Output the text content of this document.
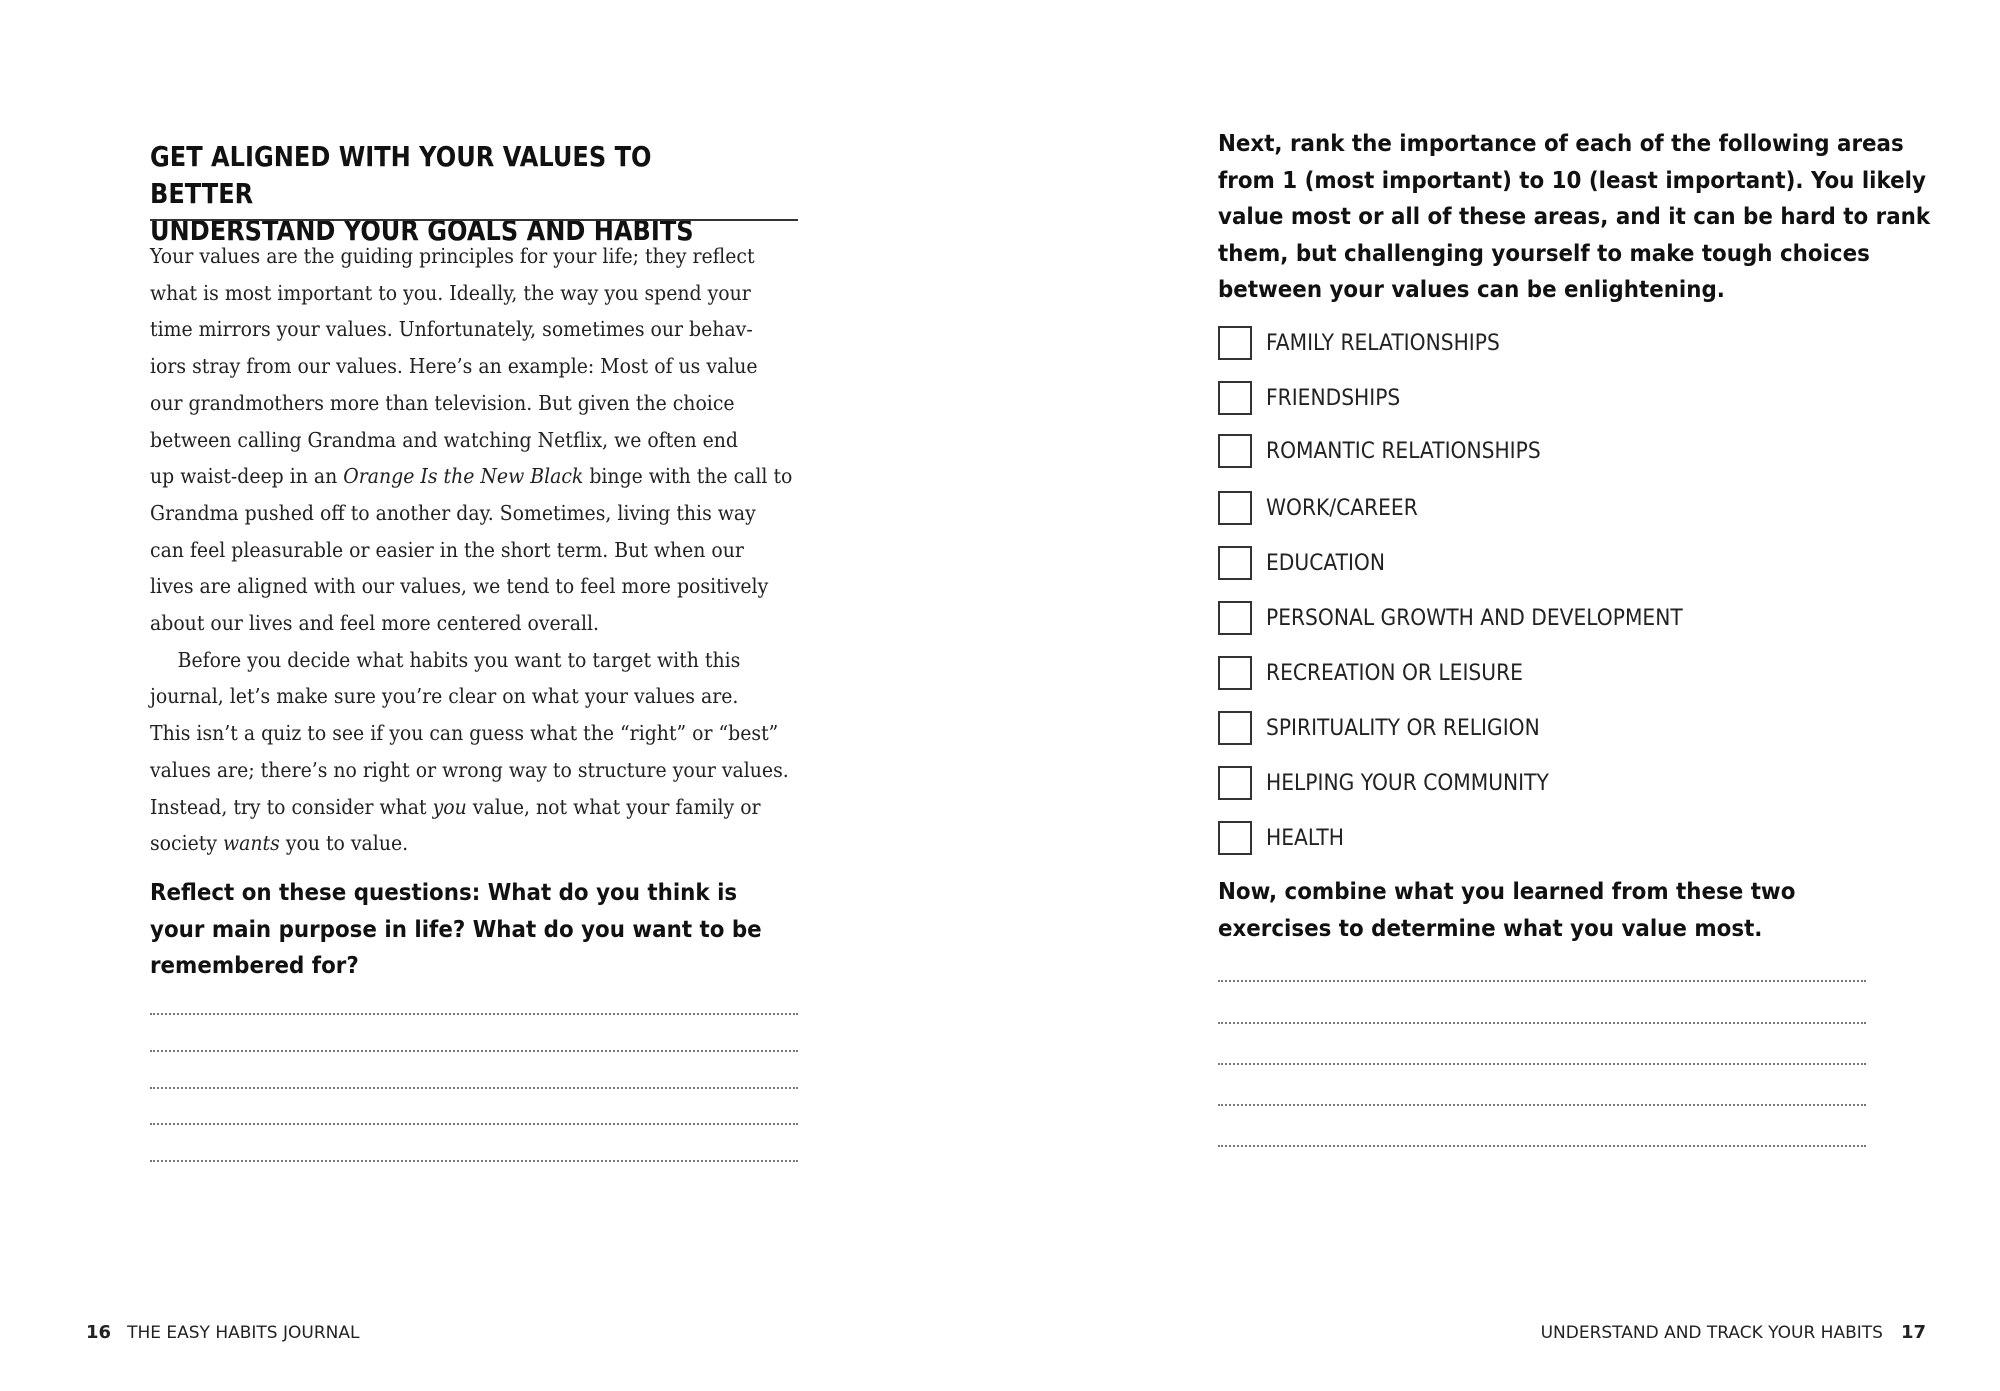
GET ALIGNED WITH YOUR VALUES TO BETTER
UNDERSTAND YOUR GOALS AND HABITS
Your values are the guiding principles for your life; they reflect
what is most important to you. Ideally, the way you spend your
time mirrors your values. Unfortunately, sometimes our behav-
iors stray from our values. Here’s an example: Most of us value
our grandmothers more than television. But given the choice
between calling Grandma and watching Netflix, we often end
up waist-deep in an Orange Is the New Black binge with the call to
Grandma pushed off to another day. Sometimes, living this way
can feel pleasurable or easier in the short term. But when our
lives are aligned with our values, we tend to feel more positively
about our lives and feel more centered overall.
Before you decide what habits you want to target with this
journal, let’s make sure you’re clear on what your values are.
This isn’t a quiz to see if you can guess what the “right” or “best”
values are; there’s no right or wrong way to structure your values.
Instead, try to consider what you value, not what your family or
society wants you to value.
Reflect on these questions: What do you think is
your main purpose in life? What do you want to be
remembered for?
16 THE EASY HABITS JOURNAL
Next, rank the importance of each of the following areas
from 1 (most important) to 10 (least important). You likely
value most or all of these areas, and it can be hard to rank
them, but challenging yourself to make tough choices
between your values can be enlightening.
FAMILY RELATIONSHIPS
FRIENDSHIPS
ROMANTIC RELATIONSHIPS
WORK/CAREER
EDUCATION
PERSONAL GROWTH AND DEVELOPMENT
RECREATION OR LEISURE
SPIRITUALITY OR RELIGION
HELPING YOUR COMMUNITY
HEALTH
Now, combine what you learned from these two
exercises to determine what you value most.
UNDERSTAND AND TRACK YOUR HABITS 17
